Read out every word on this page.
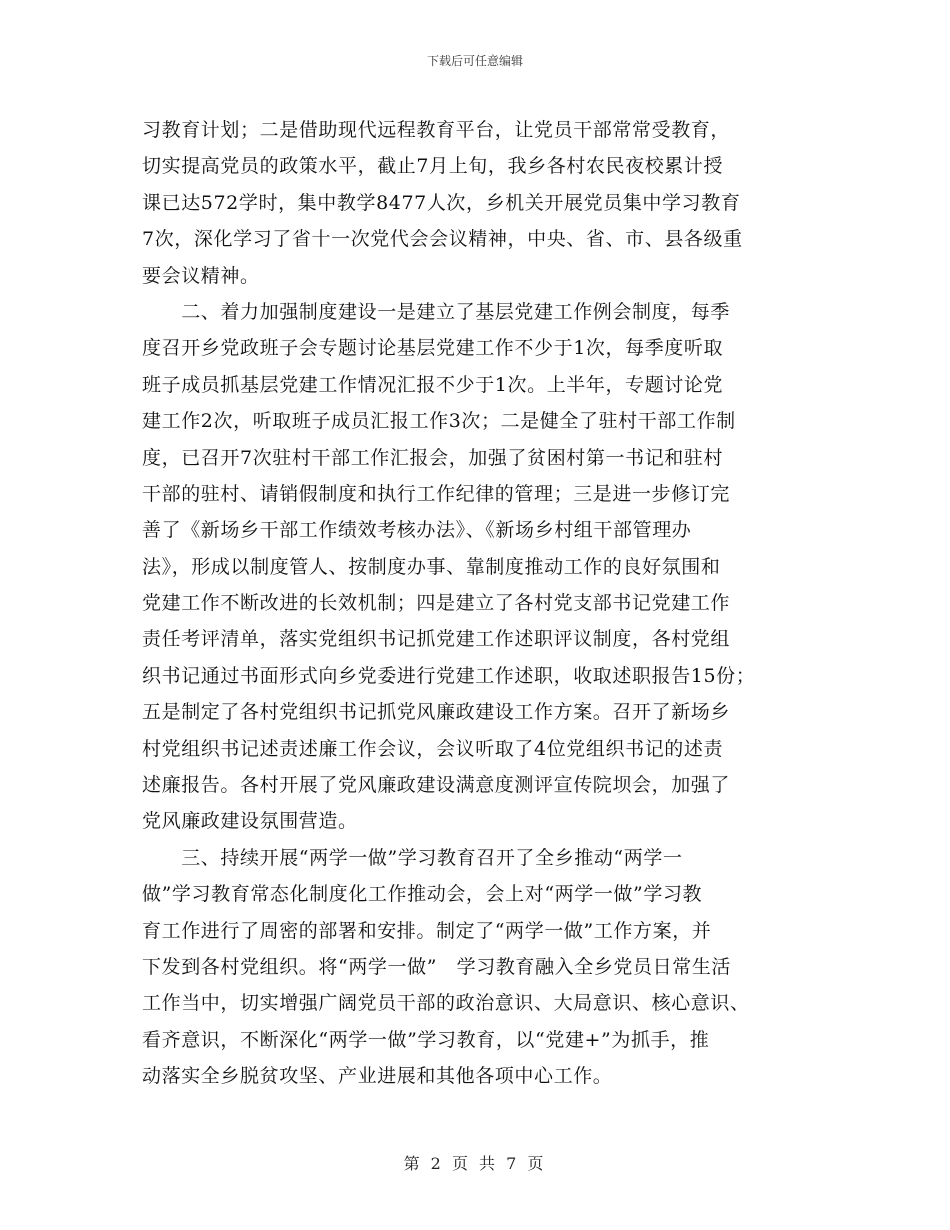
下载后可任意编辑
习教育计划；二是借助现代远程教育平台，让党员干部常常受教育，
切实提高党员的政策水平，截止7月上旬，我乡各村农民夜校累计授
课已达572学时，集中教学8477人次，乡机关开展党员集中学习教育
7次，深化学习了省十一次党代会会议精神，中央、省、市、县各级重
要会议精神。
　　二、着力加强制度建设一是建立了基层党建工作例会制度，每季
度召开乡党政班子会专题讨论基层党建工作不少于1次，每季度听取
班子成员抓基层党建工作情况汇报不少于1次。上半年，专题讨论党
建工作2次，听取班子成员汇报工作3次；二是健全了驻村干部工作制
度，已召开7次驻村干部工作汇报会，加强了贫困村第一书记和驻村
干部的驻村、请销假制度和执行工作纪律的管理；三是进一步修订完
善了《新场乡干部工作绩效考核办法》、《新场乡村组干部管理办
法》，形成以制度管人、按制度办事、靠制度推动工作的良好氛围和
党建工作不断改进的长效机制；四是建立了各村党支部书记党建工作
责任考评清单，落实党组织书记抓党建工作述职评议制度，各村党组
织书记通过书面形式向乡党委进行党建工作述职，收取述职报告15份；
五是制定了各村党组织书记抓党风廉政建设工作方案。召开了新场乡
村党组织书记述责述廉工作会议，会议听取了4位党组织书记的述责
述廉报告。各村开展了党风廉政建设满意度测评宣传院坝会，加强了
党风廉政建设氛围营造。
　　三、持续开展“两学一做”学习教育召开了全乡推动“两学一
做”学习教育常态化制度化工作推动会，会上对“两学一做”学习教
育工作进行了周密的部署和安排。制定了“两学一做”工作方案，并
下发到各村党组织。将“两学一做”　学习教育融入全乡党员日常生活
工作当中，切实增强广阔党员干部的政治意识、大局意识、核心意识、
看齐意识，不断深化“两学一做”学习教育，以“党建+”为抓手，推
动落实全乡脱贫攻坚、产业进展和其他各项中心工作。
第 2 页 共 7 页
